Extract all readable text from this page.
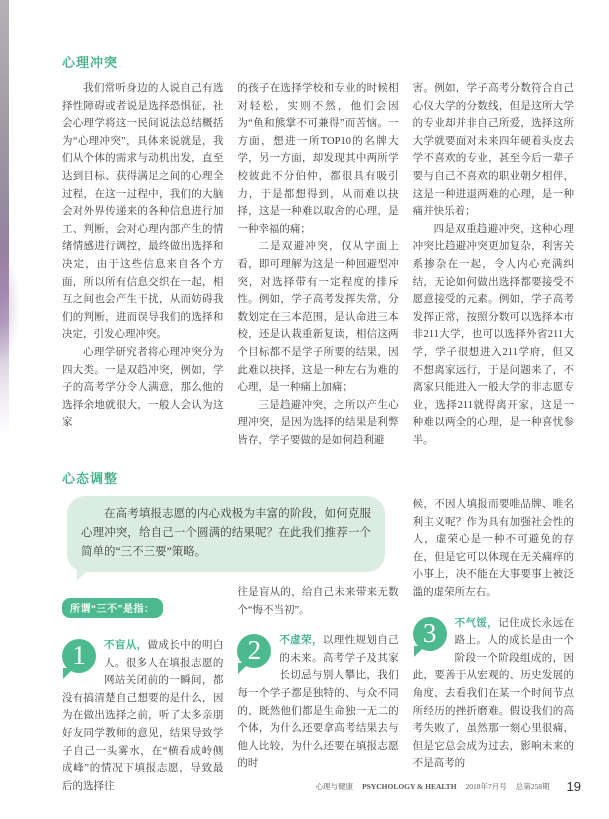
心理冲突

我们常听身边的人说自己有选择性障碍或者说是选择恐惧征，社会心理学将这一民间说法总结概括为“心理冲突”，具体来说就是，我们从个体的需求与动机出发，直至达到目标、获得满足之间的心理全过程，在这一过程中，我们的大脑会对外界传递来的各种信息进行加工、判断，会对心理内部产生的情绪情感进行调控，最终做出选择和决定，由于这些信息来自各个方面，所以所有信息交织在一起，相互之间也会产生干扰，从而妨碍我们的判断，进而误导我们的选择和决定，引发心理冲突。

心理学研究者将心理冲突分为四大类。一是双趋冲突，例如，学子的高考学分令人满意，那么他的选择余地就很大，一般人会认为这家

的孩子在选择学校和专业的时候相对轻松，实则不然，他们会因为“鱼和熊掌不可兼得”而苦恼。一方面，想进一所TOP10的名牌大学，另一方面，却发现其中两所学校彼此不分伯仲，都很具有吸引力，于是都想得到，从而难以抉择，这是一种难以取舍的心理，是一种幸福的痛；

二是双避冲突，仅从字面上看，即可理解为这是一种回避型冲突，对选择带有一定程度的排斥性。例如，学子高考发挥失常，分数划定在三本范围，是认命进三本校，还是认栽重新复读，相信这两个目标都不是学子所要的结果，因此难以抉择，这是一种左右为难的心理，是一种痛上加痛；

三是趋避冲突，之所以产生心理冲突，是因为选择的结果是利弊皆存，学子要做的是如何趋利避

害。例如，学子高考分数符合自己心仪大学的分数线，但是这所大学的专业却并非自己所爱，选择这所大学就要面对未来四年硬着头皮去学不喜欢的专业，甚至今后一辈子要与自己不喜欢的职业朝夕相伴，这是一种进退两难的心理，是一种痛并快乐着；

四是双重趋避冲突，这种心理冲突比趋避冲突更加复杂，利害关系掺杂在一起，令人内心充满纠结，无论如何做出选择都要接受不愿意接受的元素。例如，学子高考发挥正常，按照分数可以选择本市非211大学，也可以选择外省211大学，学子很想进入211学府，但又不想离家远行，于是问题来了，不离家只能进入一般大学的非志愿专业，选择211就得离开家，这是一种难以两全的心理，是一种喜忧参半。

心态调整

在高考填报志愿的内心戏极为丰富的阶段，如何克服心理冲突，给自己一个圆满的结果呢？在此我们推荐一个简单的“三不三要”策略。

所谓“三不”是指：

1	不盲从，做成长中的明白人。很多人在填报志愿的网站关闭前的一瞬间，都没有搞清楚自己想要的是什么，因为在做出选择之前，听了太多亲朋好友同学教师的意见，结果导致学子自己一头雾水，在“横看成岭侧成峰”的情况下填报志愿，导致最后的选择往

往是盲从的，给自己未来带来无数个“悔不当初”。

2	不虚荣，以理性规划自己的未来。高考学子及其家长切忌与别人攀比，我们每一个学子都是独特的、与众不同的，既然他们都是生命独一无二的个体，为什么还要拿高考结果去与他人比较，为什么还要在填报志愿的时

候，不因人填报而要唯品牌、唯名利主义呢？作为具有加强社会性的人，虚荣心是一种不可避免的存在，但是它可以体现在无关痛痒的小事上，决不能在大事要事上被泛滥的虚荣所左右。

3	不气馁，记住成长永远在路上。人的成长是由一个阶段一个阶段组成的，因此，要善于从宏观的、历史发展的角度，去看我们在某一个时间节点所经历的挫折磨难。假设我们的高考失败了，虽然那一刻心里很痛，但是它总会成为过去，影响未来的不是高考的

心理与健康 PSYCHOLOGY & HEALTH 2018年7月号 总第258期 19
